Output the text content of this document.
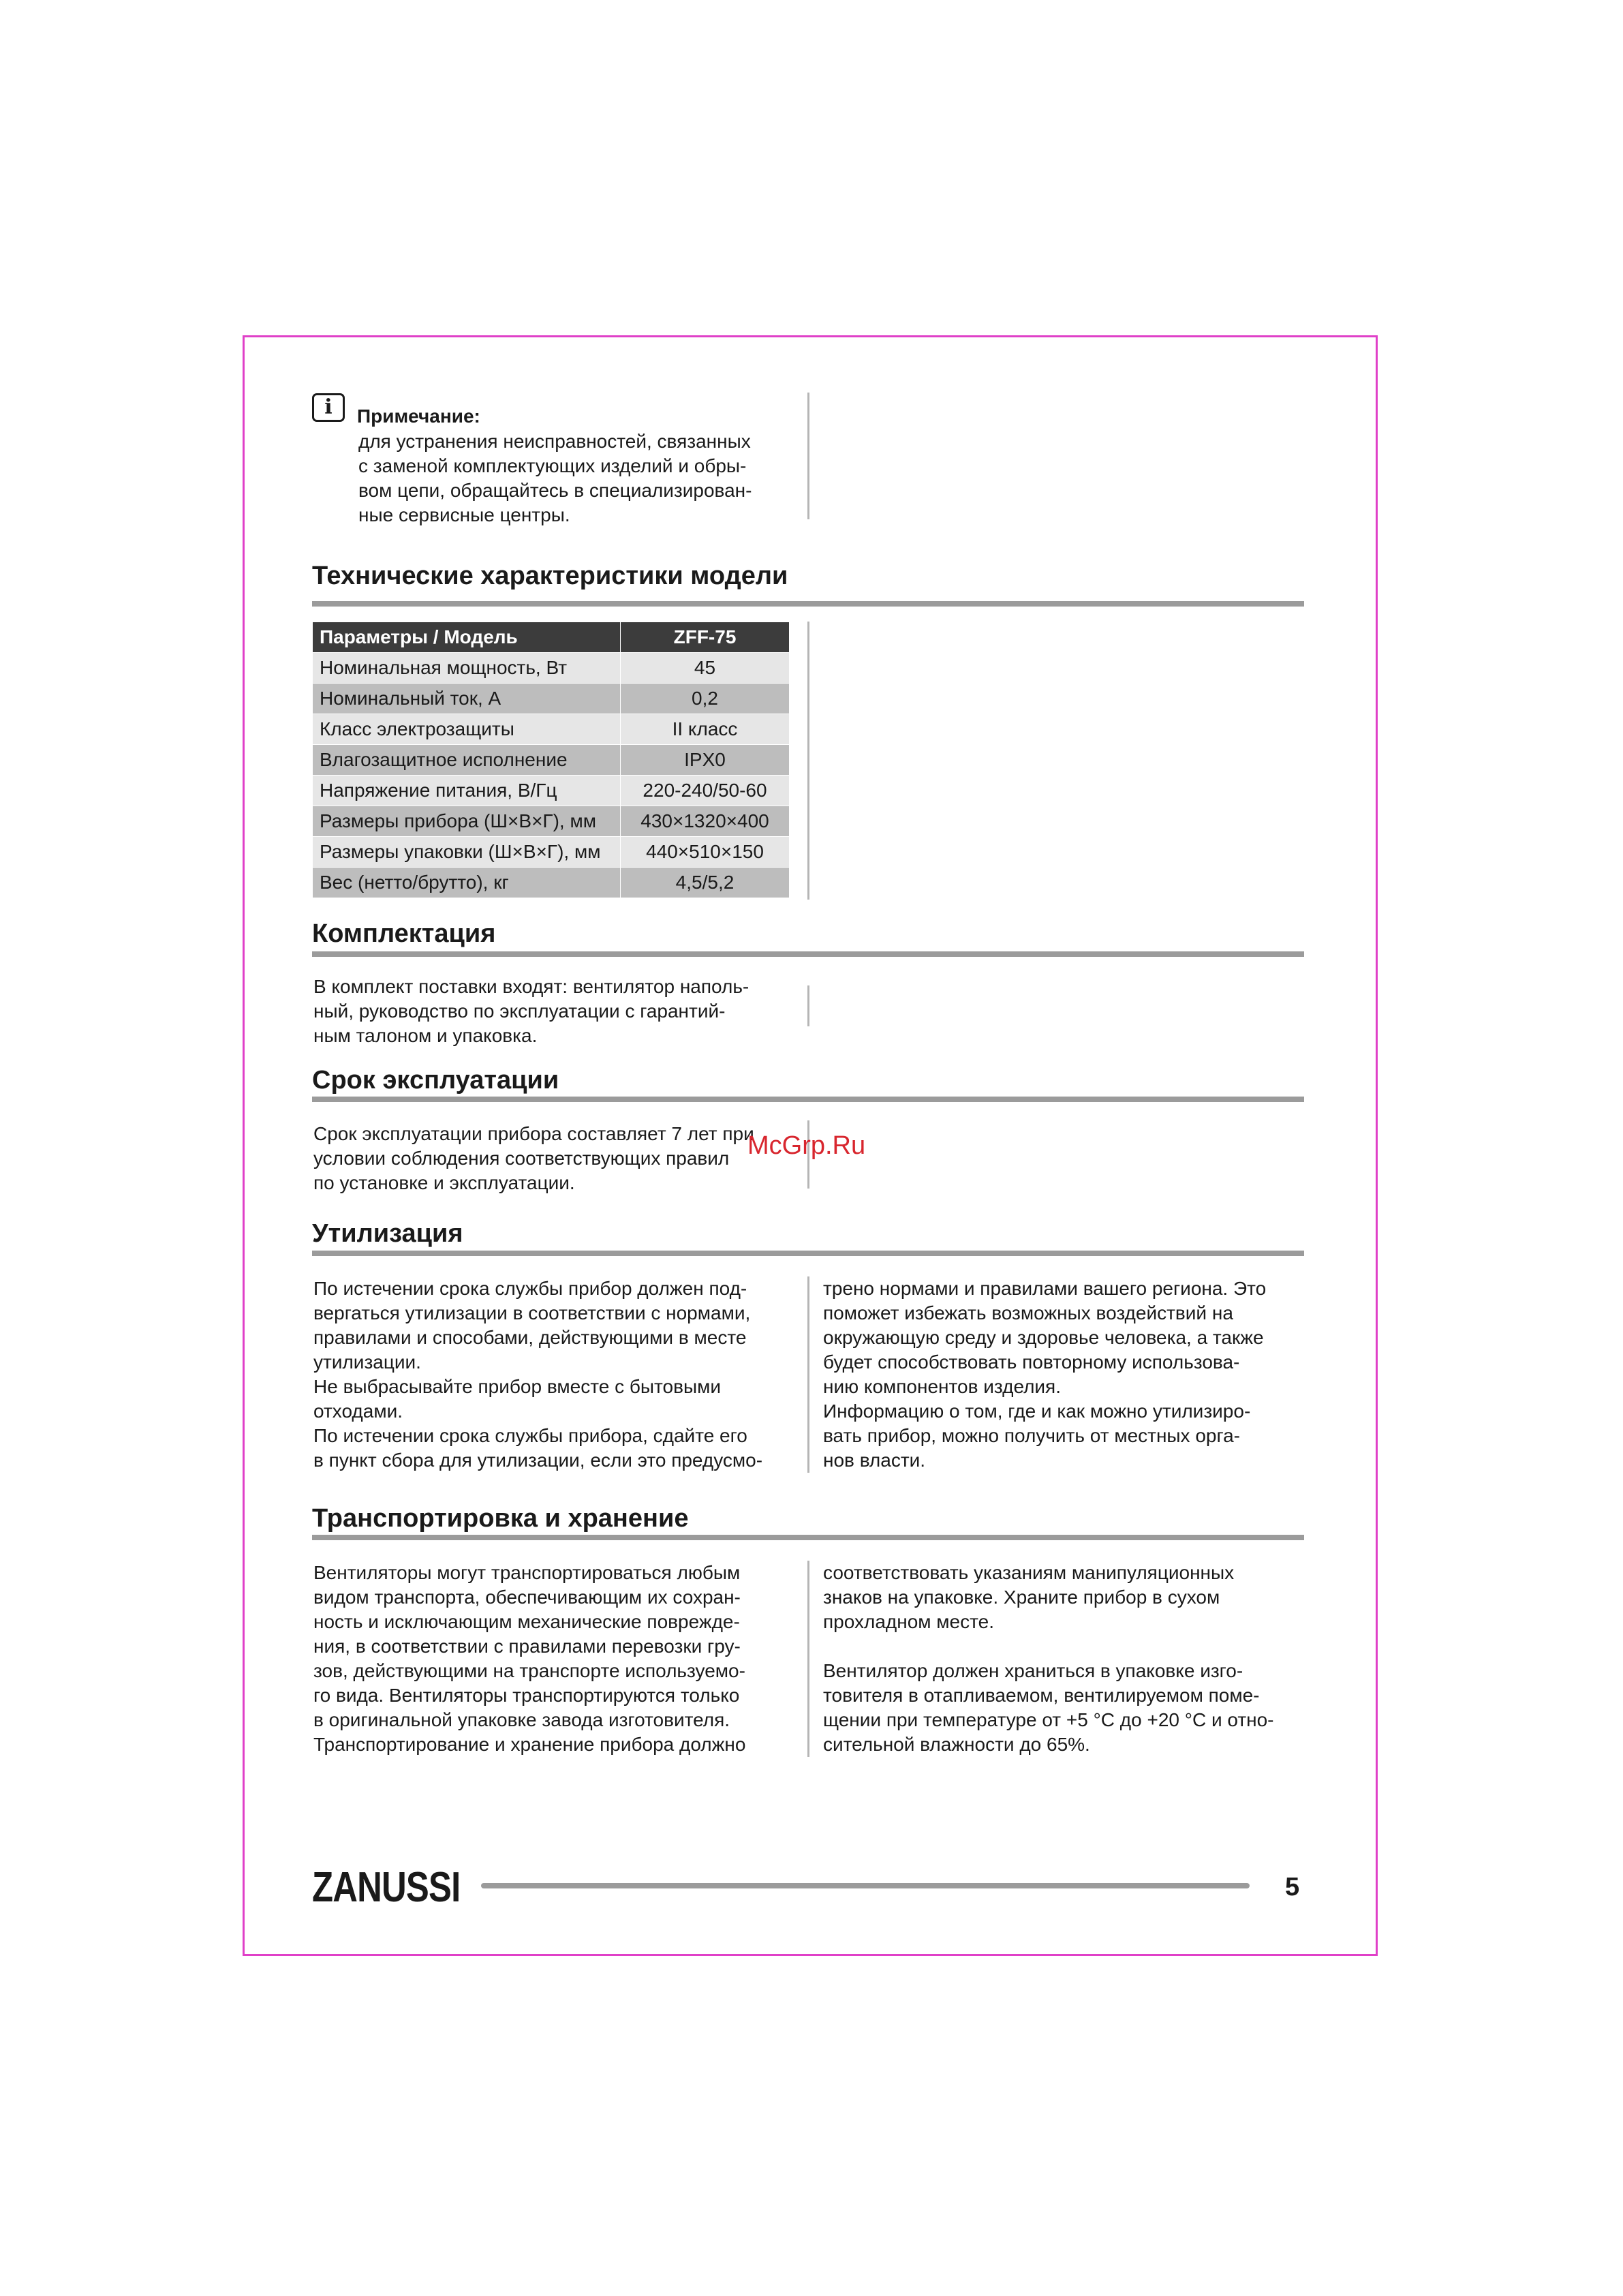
i	Примечание:

для устранения неисправностей, связанных

с заменой комплектующих изделий и обры-

вом цепи, обращайтесь в специализирован-

ные сервисные центры.

Технические характеристики модели
Параметры / Модель	ZFF-75
Номинальная мощность, Вт	45
Номинальный ток, А	0,2
Класс электрозащиты	II класс
Влагозащитное исполнение	IPX0
Напряжение питания, В/Гц	220-240/50-60
Размеры прибора (Ш×В×Г), мм	430×1320×400
Размеры упаковки (Ш×В×Г), мм	440×510×150
Вес (нетто/брутто), кг	4,5/5,2
Комплектация

В комплект поставки входят: вентилятор наполь-

ный, руководство по эксплуатации с гарантий-

ным талоном и упаковка.

Срок эксплуатации

Срок эксплуатации прибора составляет 7 лет при

условии соблюдения соответствующих правил

по установке и эксплуатации.

McGrp.Ru
Утилизация

По истечении срока службы прибор должен под-

вергаться утилизации в соответствии с нормами,

правилами и способами, действующими в месте

утилизации.

Не выбрасывайте прибор вместе с бытовыми

отходами.

По истечении срока службы прибора, сдайте его

в пункт сбора для утилизации, если это предусмо-

трено нормами и правилами вашего региона. Это

поможет избежать возможных воздействий на

окружающую среду и здоровье человека, а также

будет способствовать повторному использова-

нию компонентов изделия.

Информацию о том, где и как можно утилизиро-

вать прибор, можно получить от местных орга-

нов власти.

Транспортировка и хранение

Вентиляторы могут транспортироваться любым

видом транспорта, обеспечивающим их сохран-

ность и исключающим механические поврежде-

ния, в соответствии с правилами перевозки гру-

зов, действующими на транспорте используемо-

го вида. Вентиляторы транспортируются только

в оригинальной упаковке завода изготовителя.

Транспортирование и хранение прибора должно

соответствовать указаниям манипуляционных

знаков на упаковке. Храните прибор в сухом

прохладном месте.

Вентилятор должен храниться в упаковке изго-

товителя в отапливаемом, вентилируемом поме-

щении при температуре от +5 °С до +20 °С и отно-

сительной влажности до 65%.

ZANUSSI	5
